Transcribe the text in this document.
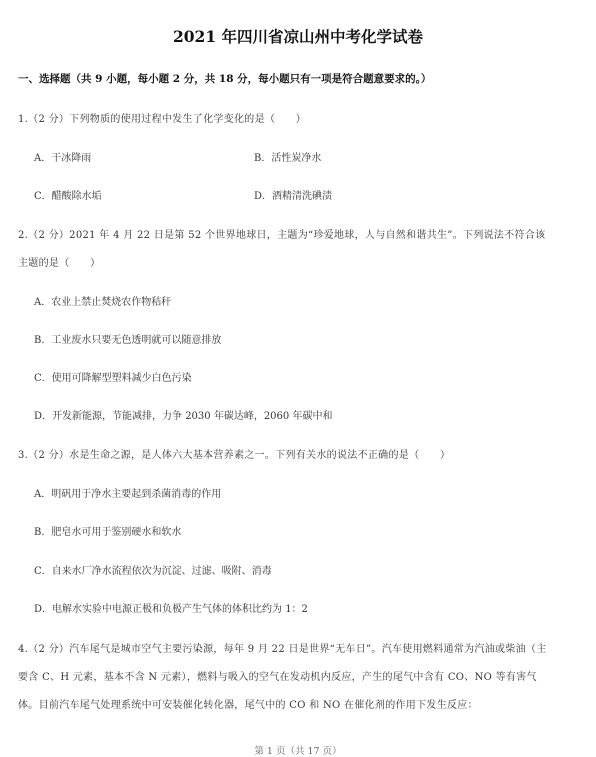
2021 年四川省凉山州中考化学试卷
一、选择题（共 9 小题，每小题 2 分，共 18 分，每小题只有一项是符合题意要求的。）
1.（2 分）下列物质的使用过程中发生了化学变化的是（　　）
A．干冰降雨	B．活性炭净水
C．醋酸除水垢	D．酒精清洗碘渍
2.（2 分）2021 年 4 月 22 日是第 52 个世界地球日，主题为“珍爱地球，人与自然和谐共生”。下列说法不符合该
主题的是（　　）
A．农业上禁止焚烧农作物秸秆
B．工业废水只要无色透明就可以随意排放
C．使用可降解型塑料减少白色污染
D．开发新能源，节能减排，力争 2030 年碳达峰，2060 年碳中和
3.（2 分）水是生命之源，是人体六大基本营养素之一。下列有关水的说法不正确的是（　　）
A．明矾用于净水主要起到杀菌消毒的作用
B．肥皂水可用于鉴别硬水和软水
C．自来水厂净水流程依次为沉淀、过滤、吸附、消毒
D．电解水实验中电源正极和负极产生气体的体积比约为 1：2
4.（2 分）汽车尾气是城市空气主要污染源，每年 9 月 22 日是世界“无车日”。汽车使用燃料通常为汽油或柴油（主
要含 C、H 元素，基本不含 N 元素），燃料与吸入的空气在发动机内反应，产生的尾气中含有 CO、NO 等有害气
体。目前汽车尾气处理系统中可安装催化转化器，尾气中的 CO 和 NO 在催化剂的作用下发生反应：
第 1 页（共 17 页）
